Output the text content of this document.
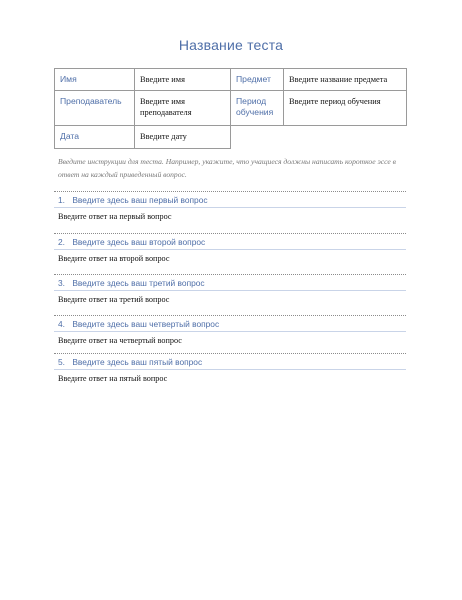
Название теста
Имя	Введите имя	Предмет	Введите название предмета
Преподаватель	Введите имя преподавателя	Период обучения	Введите период обучения
Дата	Введите дату		
Введите инструкции для теста. Например, укажите, что учащиеся должны написать короткое эссе в ответ на каждый приведенный вопрос.
1. Введите здесь ваш первый вопрос
Введите ответ на первый вопрос
2. Введите здесь ваш второй вопрос
Введите ответ на второй вопрос
3. Введите здесь ваш третий вопрос
Введите ответ на третий вопрос
4. Введите здесь ваш четвертый вопрос
Введите ответ на четвертый вопрос
5. Введите здесь ваш пятый вопрос
Введите ответ на пятый вопрос
